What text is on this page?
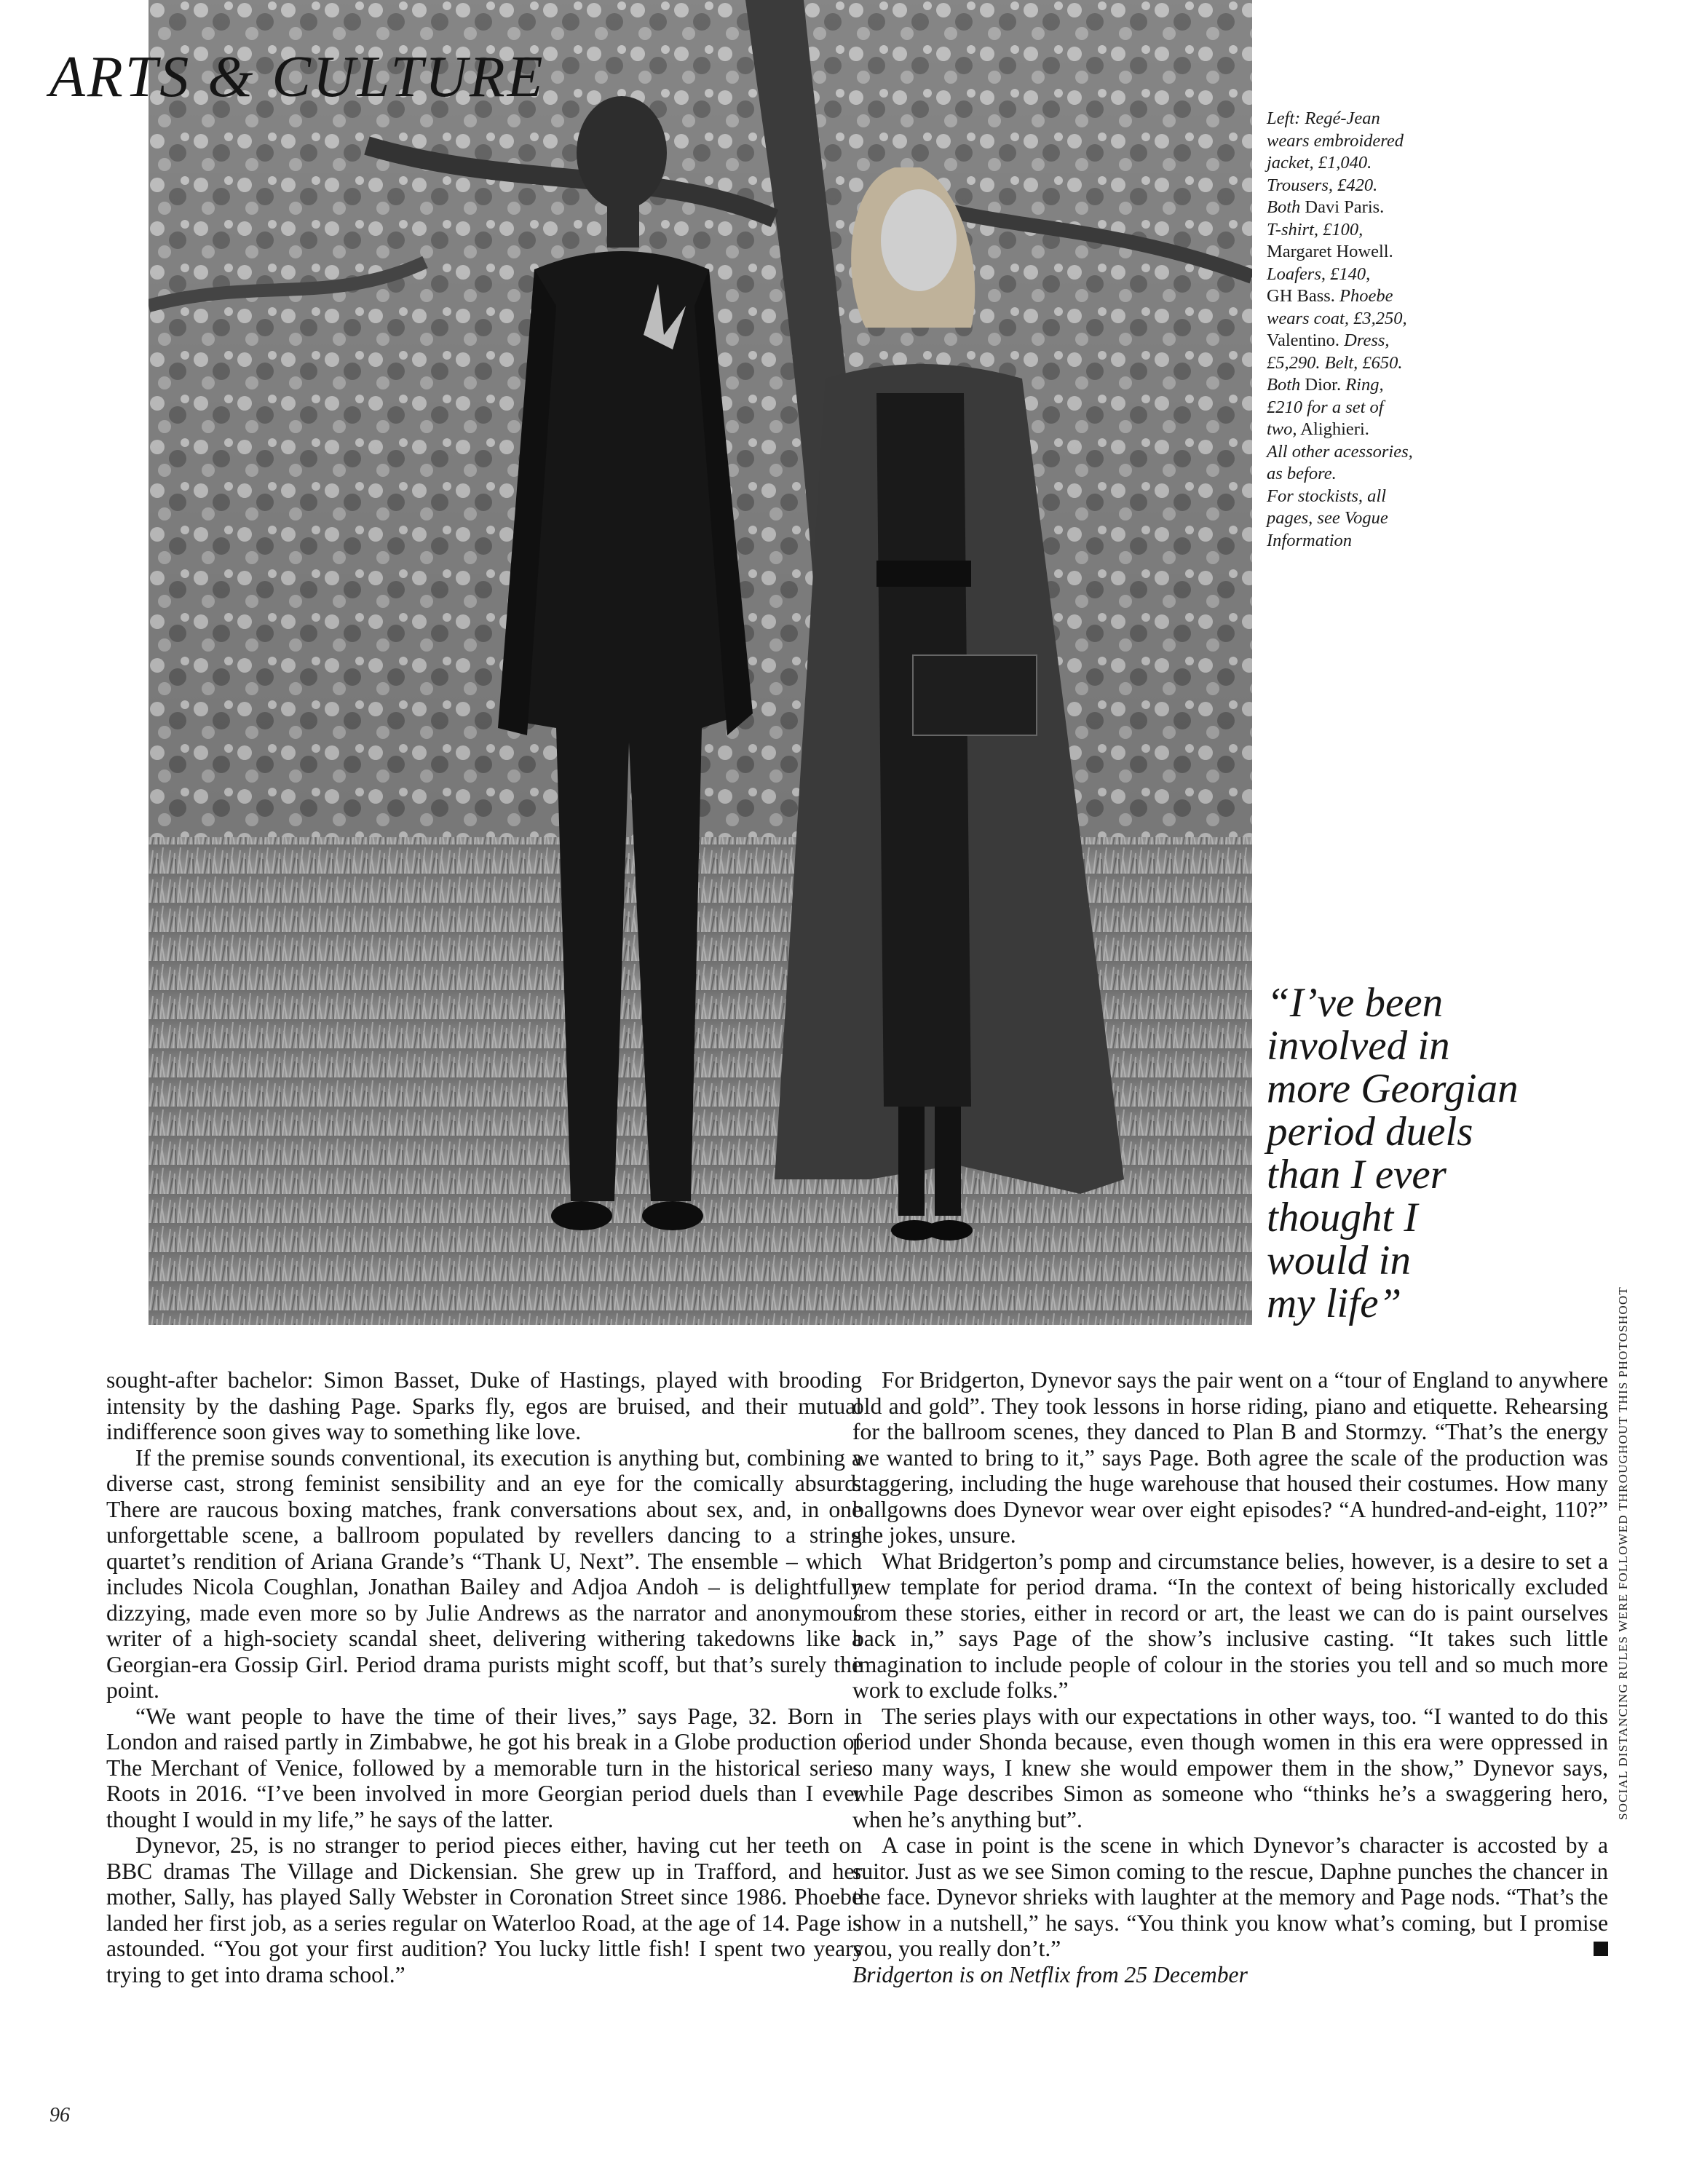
ARTS & CULTURE
Left: Regé-Jean
wears embroidered
jacket, £1,040.
Trousers, £420.
Both Davi Paris.
T-shirt, £100,
Margaret Howell.
Loafers, £140,
GH Bass. Phoebe
wears coat, £3,250,
Valentino. Dress,
£5,290. Belt, £650.
Both Dior. Ring,
£210 for a set of
two, Alighieri.
All other acessories,
as before.
For stockists, all
pages, see Vogue
Information
“I’ve been
involved in
more Georgian
period duels
than I ever
thought I
would in
my life”

sought-after bachelor: Simon Basset, Duke of Hastings, played with brooding intensity by the dashing Page. Sparks fly, egos are bruised, and their mutual indifference soon gives way to something like love.

If the premise sounds conventional, its execution is anything but, combining a diverse cast, strong feminist sensibility and an eye for the comically absurd. There are raucous boxing matches, frank conversations about sex, and, in one unforgettable scene, a ballroom populated by revellers dancing to a string quartet’s rendition of Ariana Grande’s “Thank U, Next”. The ensemble – which includes Nicola Coughlan, Jonathan Bailey and Adjoa Andoh – is delightfully dizzying, made even more so by Julie Andrews as the narrator and anonymous writer of a high-society scandal sheet, delivering withering takedowns like a Georgian-era Gossip Girl. Period drama purists might scoff, but that’s surely the point.

“We want people to have the time of their lives,” says Page, 32. Born in London and raised partly in Zimbabwe, he got his break in a Globe production of The Merchant of Venice, followed by a memorable turn in the historical series Roots in 2016. “I’ve been involved in more Georgian period duels than I ever thought I would in my life,” he says of the latter.

Dynevor, 25, is no stranger to period pieces either, having cut her teeth on BBC dramas The Village and Dickensian. She grew up in Trafford, and her mother, Sally, has played Sally Webster in Coronation Street since 1986. Phoebe landed her first job, as a series regular on Waterloo Road, at the age of 14. Page is astounded. “You got your first audition? You lucky little fish! I spent two years trying to get into drama school.”

For Bridgerton, Dynevor says the pair went on a “tour of England to anywhere old and gold”. They took lessons in horse riding, piano and etiquette. Rehearsing for the ballroom scenes, they danced to Plan B and Stormzy. “That’s the energy we wanted to bring to it,” says Page. Both agree the scale of the production was staggering, including the huge warehouse that housed their costumes. How many ballgowns does Dynevor wear over eight episodes? “A hundred-and-eight, 110?” she jokes, unsure.

What Bridgerton’s pomp and circumstance belies, however, is a desire to set a new template for period drama. “In the context of being historically excluded from these stories, either in record or art, the least we can do is paint ourselves back in,” says Page of the show’s inclusive casting. “It takes such little imagination to include people of colour in the stories you tell and so much more work to exclude folks.”

The series plays with our expectations in other ways, too. “I wanted to do this period under Shonda because, even though women in this era were oppressed in so many ways, I knew she would empower them in the show,” Dynevor says, while Page describes Simon as someone who “thinks he’s a swaggering hero, when he’s anything but”.

A case in point is the scene in which Dynevor’s character is accosted by a suitor. Just as we see Simon coming to the rescue, Daphne punches the chancer in the face. Dynevor shrieks with laughter at the memory and Page nods. “That’s the show in a nutshell,” he says. “You think you know what’s coming, but I promise you, you really don’t.”

Bridgerton is on Netflix from 25 December

SOCIAL DISTANCING RULES WERE FOLLOWED THROUGHOUT THIS PHOTOSHOOT
96
